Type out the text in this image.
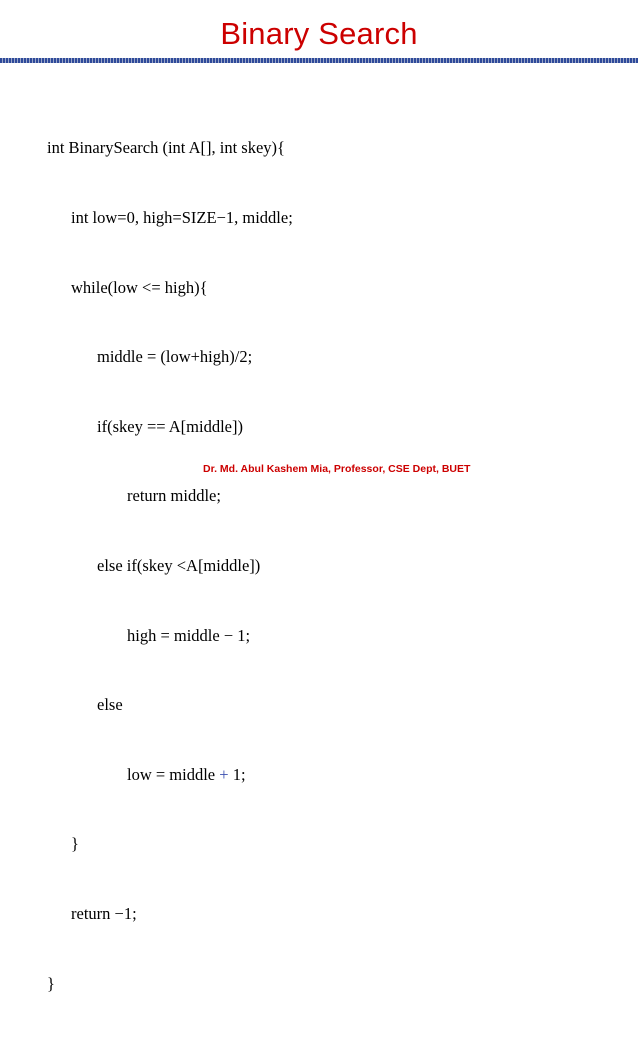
Binary Search

int BinarySearch (int A[], int skey){

int low=0, high=SIZE−1, middle;

while(low <= high){

middle = (low+high)/2;

if(skey == A[middle])

return middle;

else if(skey <A[middle])

high = middle − 1;

else

low = middle + 1;

}

return −1;

}

Dr. Md. Abul Kashem Mia, Professor, CSE Dept, BUET
